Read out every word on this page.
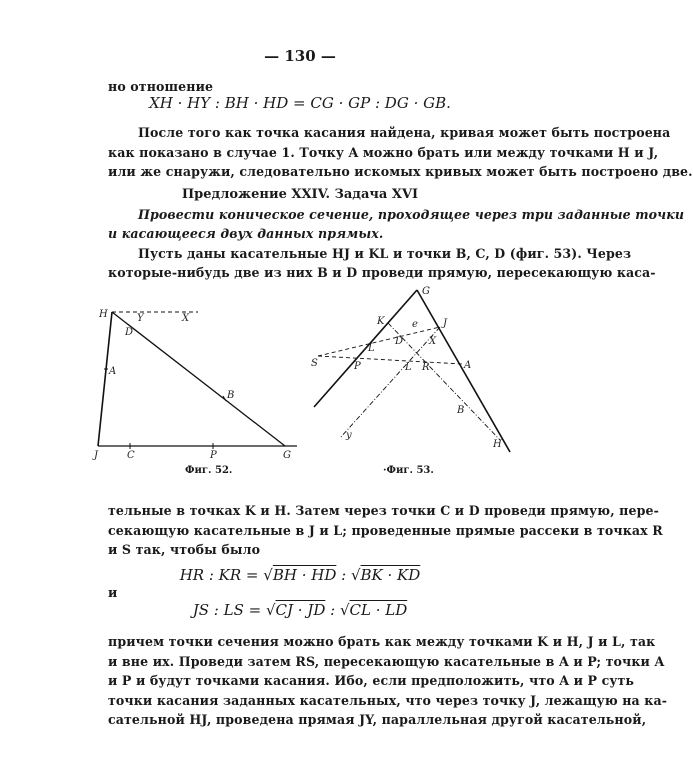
— 130 —
но отношение
XH · HY : BH · HD = CG · GP : DG · GB.
После того как точка касания найдена, кривая может быть построена
как показано в случае 1. Точку A можно брать или между точками H и J,
или же снаружи, следовательно искомых кривых может быть построено две.
Предложение XXIV. Задача XVI
Провести коническое сечение, проходящее через три заданные точки
и касающееся двух данных прямых.
Пусть даны касательные HJ и KL и точки B, C, D (фиг. 53). Через
которые-нибудь две из них B и D проведи прямую, пересекающую каса-
H	Y	X
D
A
B
J	C	P	G
Фиг. 52.
G
K	J
e
D	X
L
S	P	L R	A
B
y
H
·Фиг. 53.
тельные в точках K и H. Затем через точки C и D проведи прямую, пере-
секающую касательные в J и L; проведенные прямые рассеки в точках R
и S так, чтобы было
HR : KR = √BH · HD : √BK · KD
и
JS : LS = √CJ · JD : √CL · LD
причем точки сечения можно брать как между точками K и H, J и L, так
и вне их. Проведи затем RS, пересекающую касательные в A и P; точки A
и P и будут точками касания. Ибо, если предположить, что A и P суть
точки касания заданных касательных, что через точку J, лежащую на ка-
сательной HJ, проведена прямая JY, параллельная другой касательной,
